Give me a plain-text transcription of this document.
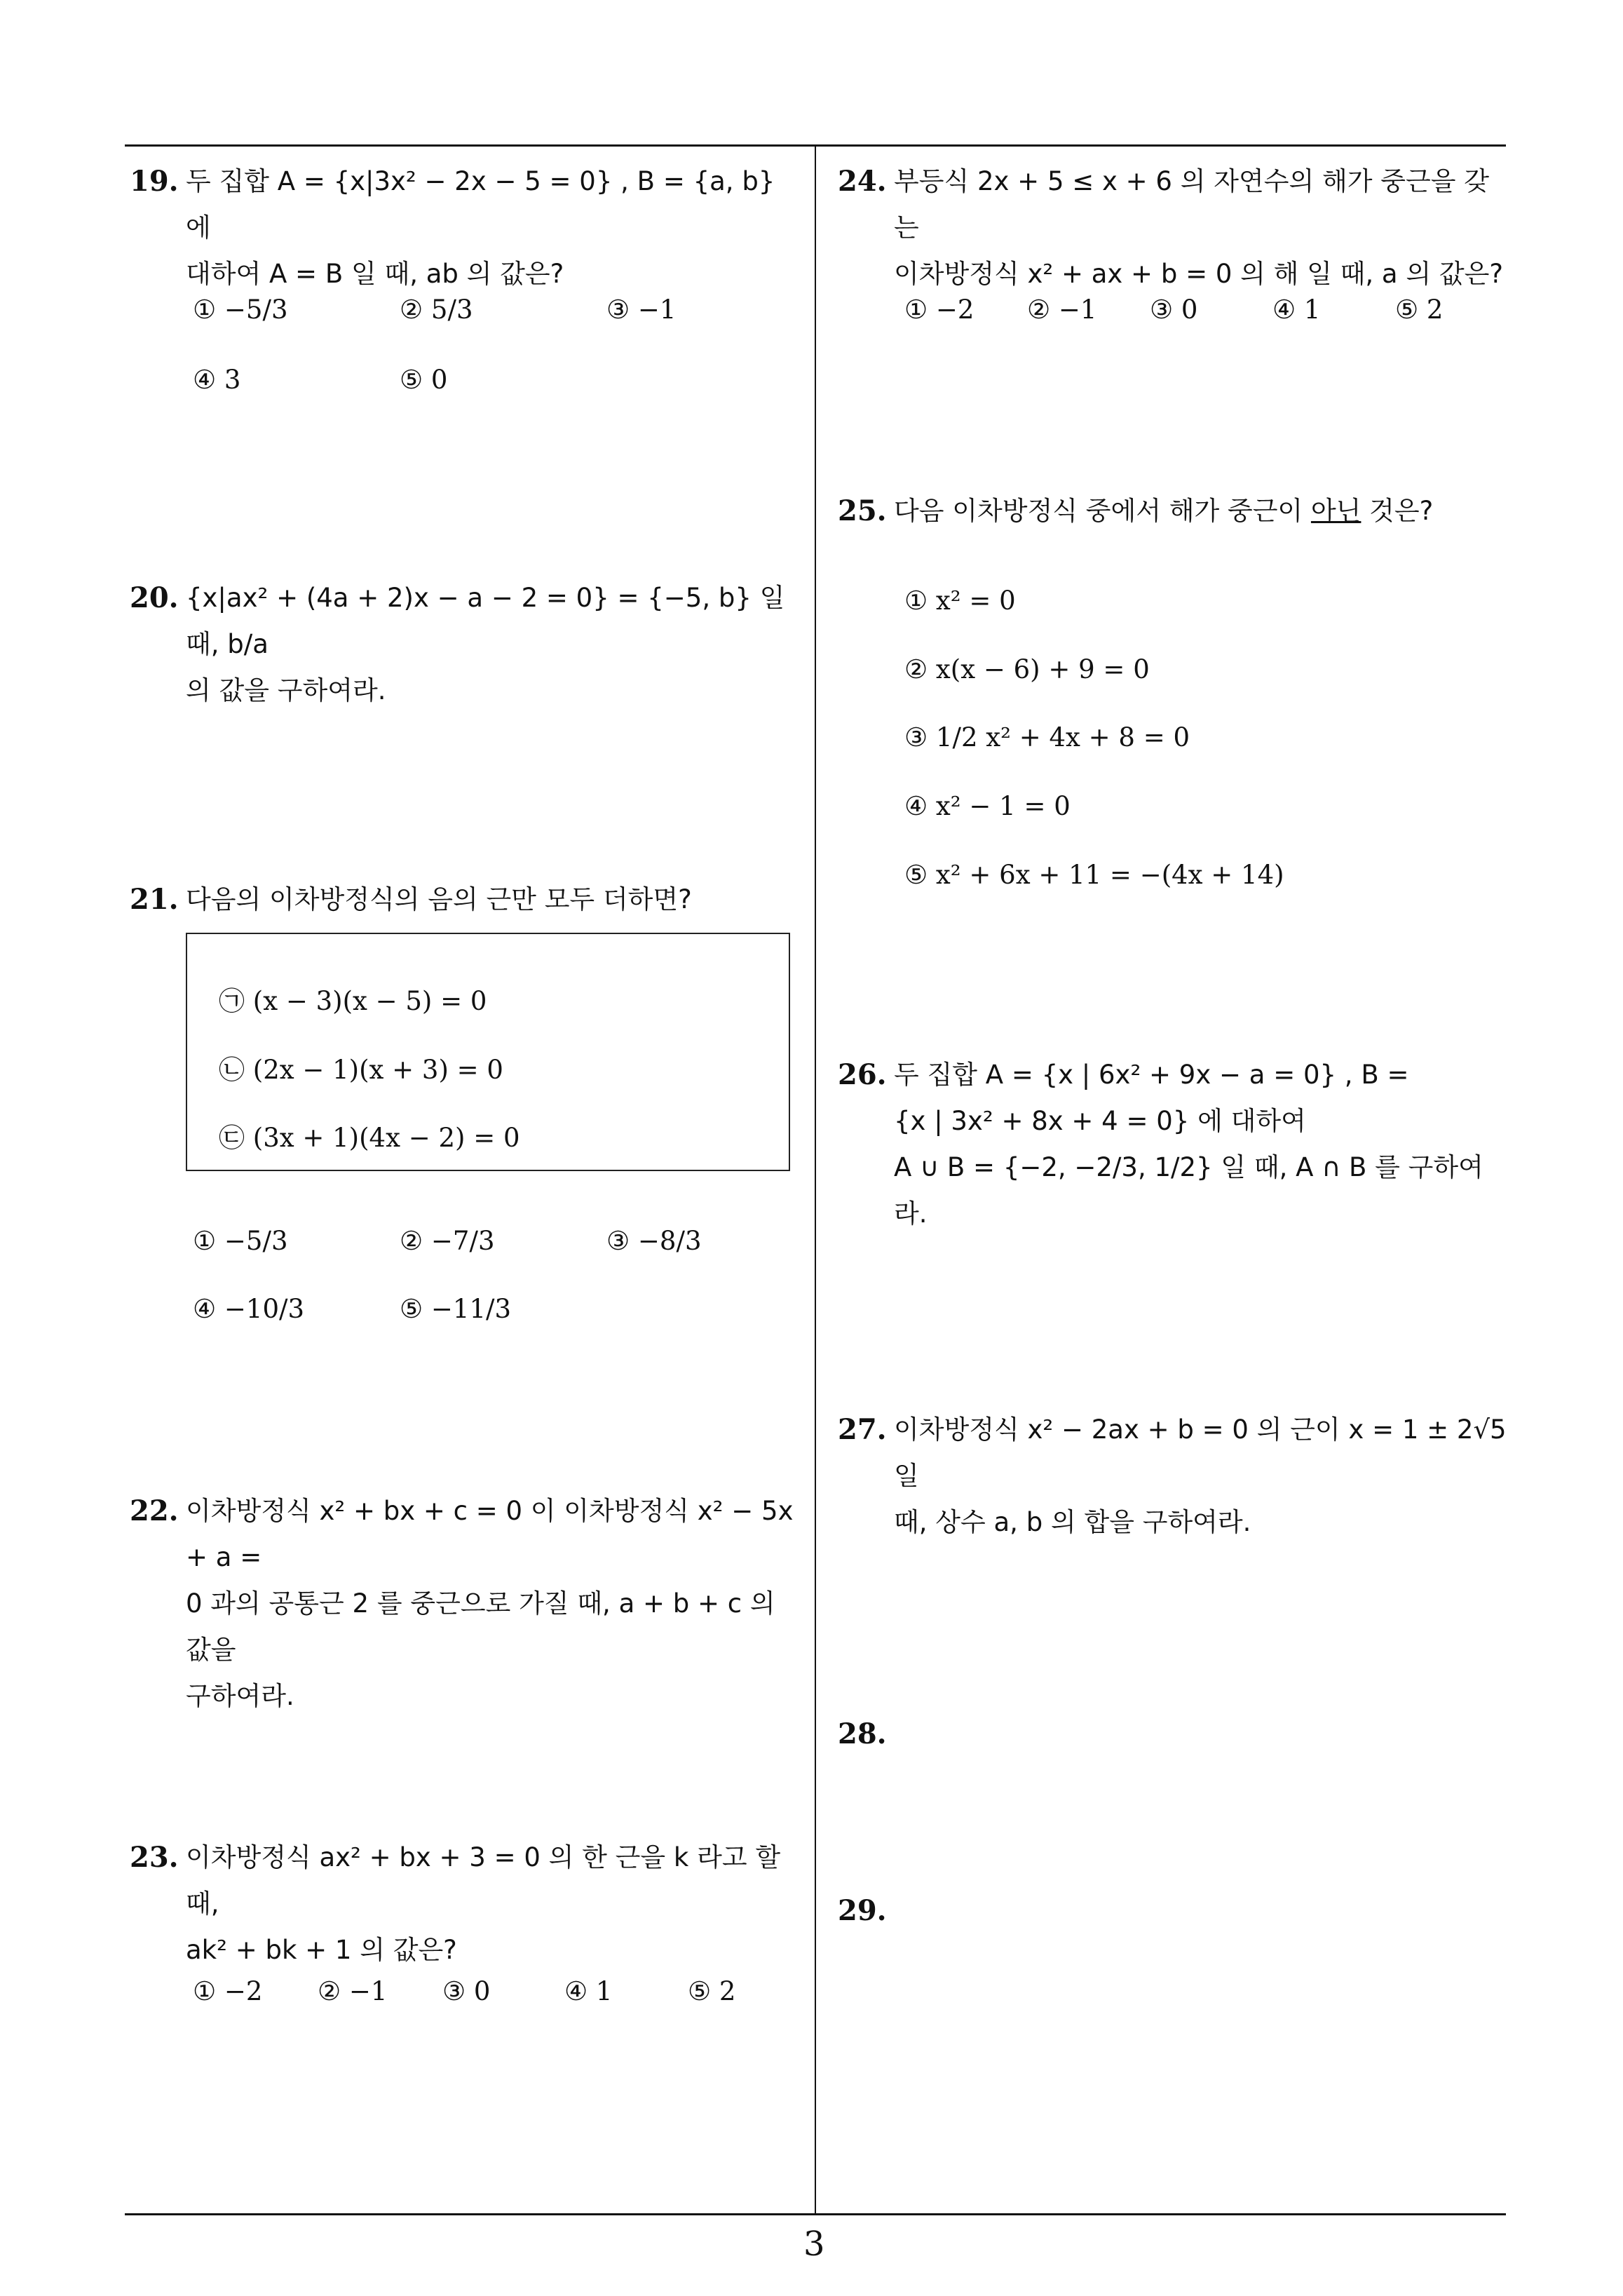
19. 두 집합 A = {x|3x² − 2x − 5 = 0} , B = {a, b} 에
대하여 A = B 일 때, ab 의 값은?
① −5/3	② 5/3	③ −1
④ 3	⑤ 0
20. {x|ax² + (4a + 2)x − a − 2 = 0} = {−5, b} 일 때, b/a
의 값을 구하여라.
21. 다음의 이차방정식의 음의 근만 모두 더하면?
㉠ (x − 3)(x − 5) = 0
㉡ (2x − 1)(x + 3) = 0
㉢ (3x + 1)(4x − 2) = 0
① −5/3	② −7/3	③ −8/3
④ −10/3	⑤ −11/3
22. 이차방정식 x² + bx + c = 0 이 이차방정식 x² − 5x + a =
0 과의 공통근 2 를 중근으로 가질 때, a + b + c 의 값을
구하여라.
23. 이차방정식 ax² + bx + 3 = 0 의 한 근을 k 라고 할 때,
ak² + bk + 1 의 값은?
① −2 ② −1 ③ 0	④ 1	⑤ 2
24. 부등식 2x + 5 ≤ x + 6 의 자연수의 해가 중근을 갖는
이차방정식 x² + ax + b = 0 의 해 일 때, a 의 값은?
① −2 ② −1 ③ 0	④ 1	⑤ 2
25. 다음 이차방정식 중에서 해가 중근이 아닌 것은?
① x² = 0
② x(x − 6) + 9 = 0
③ 1/2 x² + 4x + 8 = 0
④ x² − 1 = 0
⑤ x² + 6x + 11 = −(4x + 14)
26. 두 집합 A = {x | 6x² + 9x − a = 0} , B =
{x | 3x² + 8x + 4 = 0} 에 대하여
A ∪ B = {−2, −2/3, 1/2} 일 때, A ∩ B 를 구하여라.
27. 이차방정식 x² − 2ax + b = 0 의 근이 x = 1 ± 2√5 일
때, 상수 a, b 의 합을 구하여라.
28.
29.
3
